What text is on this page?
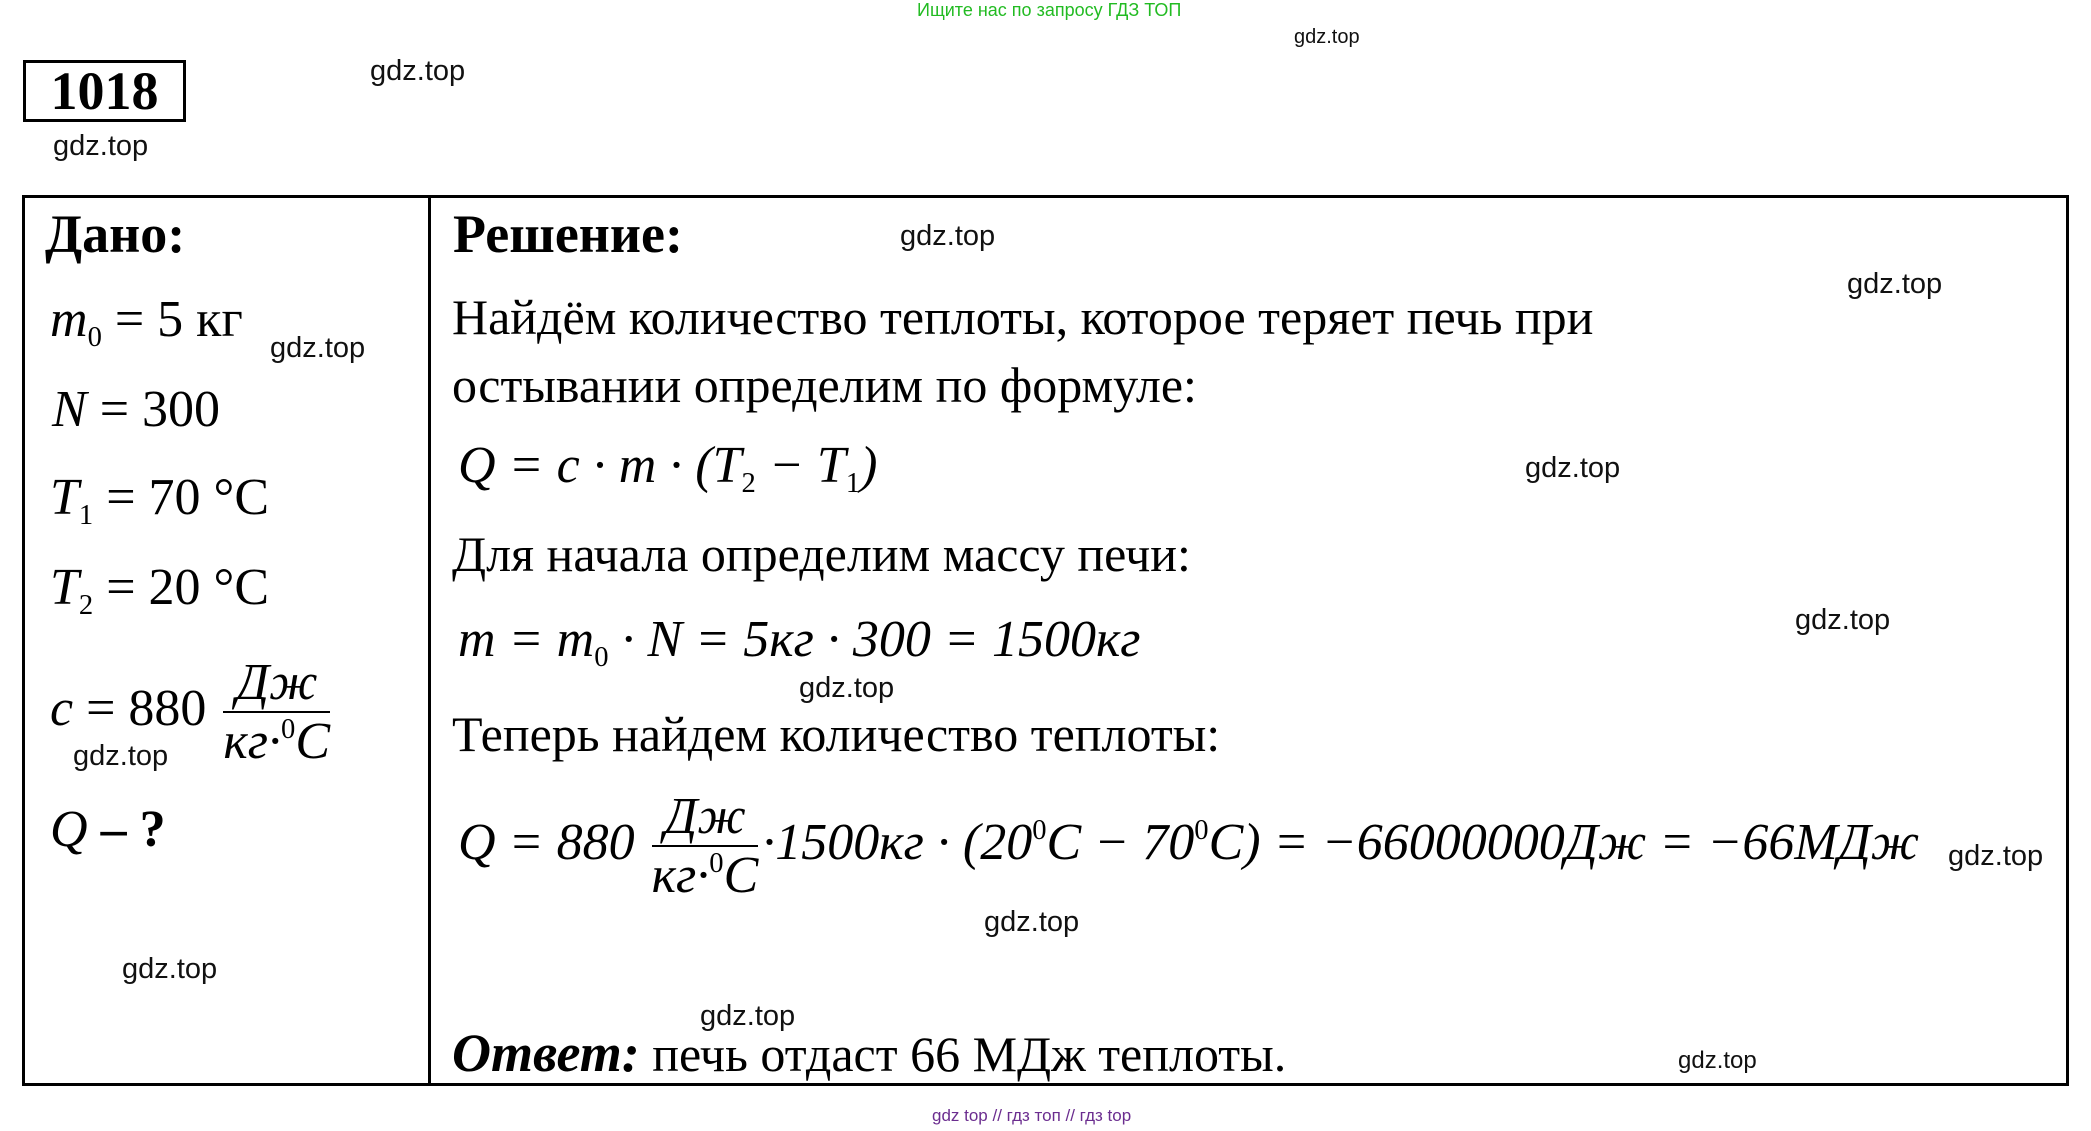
Ищите нас по запросу ГДЗ ТОП
1018	gdz.top
gdz.top
gdz.top
Дано:
$m_0 = 5$ кг gdz.top
N = 300
$T_1 = 70$ °C
$T_2 = 20$ °C
$c = 880 \frac{Дж}{кг\cdot^0C}$
gdz.top
Q – ?
gdz.top
Решение:	gdz.top
gdz.top
Найдём количество теплоты, которое теряет печь при
остывании определим по формуле:
$Q = c \cdot m \cdot (T_2 - T_1)$	gdz.top
Для начала определим массу печи:
$m = m_0 \cdot N = 5кг \cdot 300 = 1500кг$	gdz.top
gdz.top
Теперь найдем количество теплоты:
$Q = 880 \frac{Дж}{кг\cdot^0C} \cdot 1500кг \cdot (20^0C - 70^0C) = -66000000Дж = -66МДж$ gdz.top
gdz.top
gdz.top
Ответ: печь отдаст 66 МДж теплоты.	gdz.top
gdz top // гдз топ // гдз top
